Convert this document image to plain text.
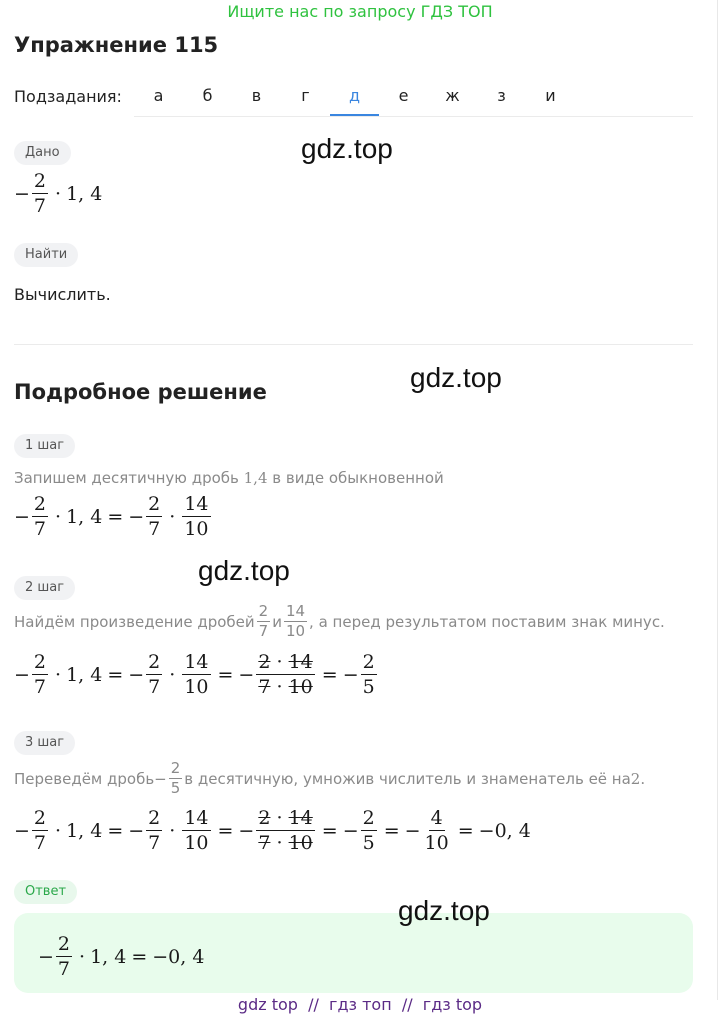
Ищите нас по запросу ГДЗ ТОП
Упражнение 115
Подзадания:	а	б	в	г	д	е	ж	з	и
Дано	gdz.top
− $\frac{2}{7} \cdot 1$, 4
Найти
Вычислить.
Подробное решение	gdz.top
1 шаг
Запишем десятичную дробь 1,4 в виде обыкновенной
− $\frac{2}{7} \cdot 1$, 4 = − $\frac{2}{7} \cdot \frac{14}{10}$
gdz.top
2 шаг
Найдём произведение дробей $\frac{2}{7}$ и $\frac{14}{10}$ , а перед результатом поставим знак минус.
− $\frac{2}{7} \cdot 1$, 4 = − $\frac{2}{7} \cdot \frac{14}{10}$ = − $\frac{2 \cdot 14}{7 \cdot 10}$ = − $\frac{2}{5}$
3 шаг
Переведём дробь − $\frac{2}{5}$ в десятичную, умножив числитель и знаменатель её на 2.
− $\frac{2}{7} \cdot 1$, 4 = − $\frac{2}{7} \cdot \frac{14}{10}$ = − $\frac{2 \cdot 14}{7 \cdot 10}$ = − $\frac{2}{5}$ = − $\frac{4}{10} = -0$, 4
Ответ
gdz.top
− $\frac{2}{7} \cdot 1$, 4 = −0, 4
gdz top  //  гдз топ  //  гдз top
